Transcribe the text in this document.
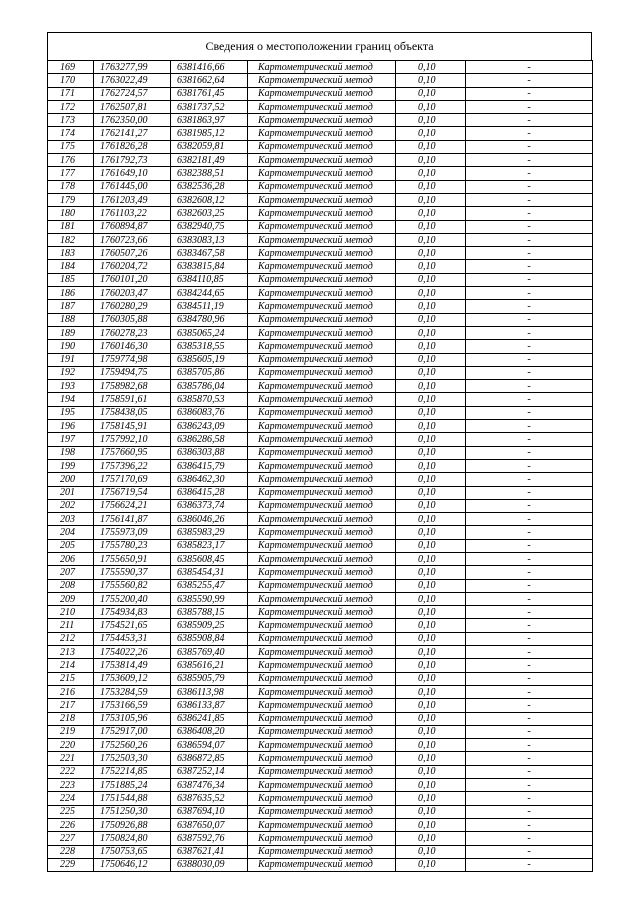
Сведения о местоположении границ объекта
169	1763277,99	6381416,66	Картометрический метод	0,10	-
170	1763022,49	6381662,64	Картометрический метод	0,10	-
171	1762724,57	6381761,45	Картометрический метод	0,10	-
172	1762507,81	6381737,52	Картометрический метод	0,10	-
173	1762350,00	6381863,97	Картометрический метод	0,10	-
174	1762141,27	6381985,12	Картометрический метод	0,10	-
175	1761826,28	6382059,81	Картометрический метод	0,10	-
176	1761792,73	6382181,49	Картометрический метод	0,10	-
177	1761649,10	6382388,51	Картометрический метод	0,10	-
178	1761445,00	6382536,28	Картометрический метод	0,10	-
179	1761203,49	6382608,12	Картометрический метод	0,10	-
180	1761103,22	6382603,25	Картометрический метод	0,10	-
181	1760894,87	6382940,75	Картометрический метод	0,10	-
182	1760723,66	6383083,13	Картометрический метод	0,10	-
183	1760507,26	6383467,58	Картометрический метод	0,10	-
184	1760204,72	6383815,84	Картометрический метод	0,10	-
185	1760101,20	6384110,85	Картометрический метод	0,10	-
186	1760203,47	6384244,65	Картометрический метод	0,10	-
187	1760280,29	6384511,19	Картометрический метод	0,10	-
188	1760305,88	6384780,96	Картометрический метод	0,10	-
189	1760278,23	6385065,24	Картометрический метод	0,10	-
190	1760146,30	6385318,55	Картометрический метод	0,10	-
191	1759774,98	6385605,19	Картометрический метод	0,10	-
192	1759494,75	6385705,86	Картометрический метод	0,10	-
193	1758982,68	6385786,04	Картометрический метод	0,10	-
194	1758591,61	6385870,53	Картометрический метод	0,10	-
195	1758438,05	6386083,76	Картометрический метод	0,10	-
196	1758145,91	6386243,09	Картометрический метод	0,10	-
197	1757992,10	6386286,58	Картометрический метод	0,10	-
198	1757660,95	6386303,88	Картометрический метод	0,10	-
199	1757396,22	6386415,79	Картометрический метод	0,10	-
200	1757170,69	6386462,30	Картометрический метод	0,10	-
201	1756719,54	6386415,28	Картометрический метод	0,10	-
202	1756624,21	6386373,74	Картометрический метод	0,10	-
203	1756141,87	6386046,26	Картометрический метод	0,10	-
204	1755973,09	6385983,29	Картометрический метод	0,10	-
205	1755780,23	6385823,17	Картометрический метод	0,10	-
206	1755650,91	6385608,45	Картометрический метод	0,10	-
207	1755590,37	6385454,31	Картометрический метод	0,10	-
208	1755560,82	6385255,47	Картометрический метод	0,10	-
209	1755200,40	6385590,99	Картометрический метод	0,10	-
210	1754934,83	6385788,15	Картометрический метод	0,10	-
211	1754521,65	6385909,25	Картометрический метод	0,10	-
212	1754453,31	6385908,84	Картометрический метод	0,10	-
213	1754022,26	6385769,40	Картометрический метод	0,10	-
214	1753814,49	6385616,21	Картометрический метод	0,10	-
215	1753609,12	6385905,79	Картометрический метод	0,10	-
216	1753284,59	6386113,98	Картометрический метод	0,10	-
217	1753166,59	6386133,87	Картометрический метод	0,10	-
218	1753105,96	6386241,85	Картометрический метод	0,10	-
219	1752917,00	6386408,20	Картометрический метод	0,10	-
220	1752560,26	6386594,07	Картометрический метод	0,10	-
221	1752503,30	6386872,85	Картометрический метод	0,10	-
222	1752214,85	6387252,14	Картометрический метод	0,10	-
223	1751885,24	6387476,34	Картометрический метод	0,10	-
224	1751544,88	6387635,52	Картометрический метод	0,10	-
225	1751250,30	6387694,10	Картометрический метод	0,10	-
226	1750926,88	6387650,07	Картометрический метод	0,10	-
227	1750824,80	6387592,76	Картометрический метод	0,10	-
228	1750753,65	6387621,41	Картометрический метод	0,10	-
229	1750646,12	6388030,09	Картометрический метод	0,10	-
